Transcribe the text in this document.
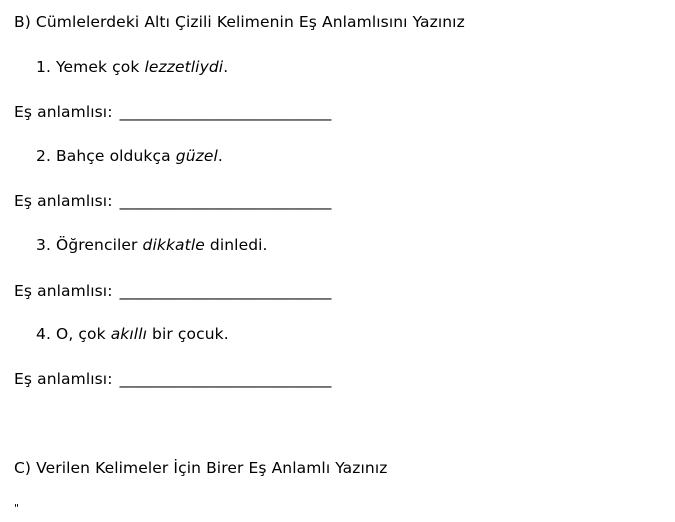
B) Cümlelerdeki Altı Çizili Kelimenin Eş Anlamlısını Yazınız
1. Yemek çok lezzetliydi.
Eş anlamlısı: ___________________________
2. Bahçe oldukça güzel.
Eş anlamlısı: ___________________________
3. Öğrenciler dikkatle dinledi.
Eş anlamlısı: ___________________________
4. O, çok akıllı bir çocuk.
Eş anlamlısı: ___________________________
C) Verilen Kelimeler İçin Birer Eş Anlamlı Yazınız
"
